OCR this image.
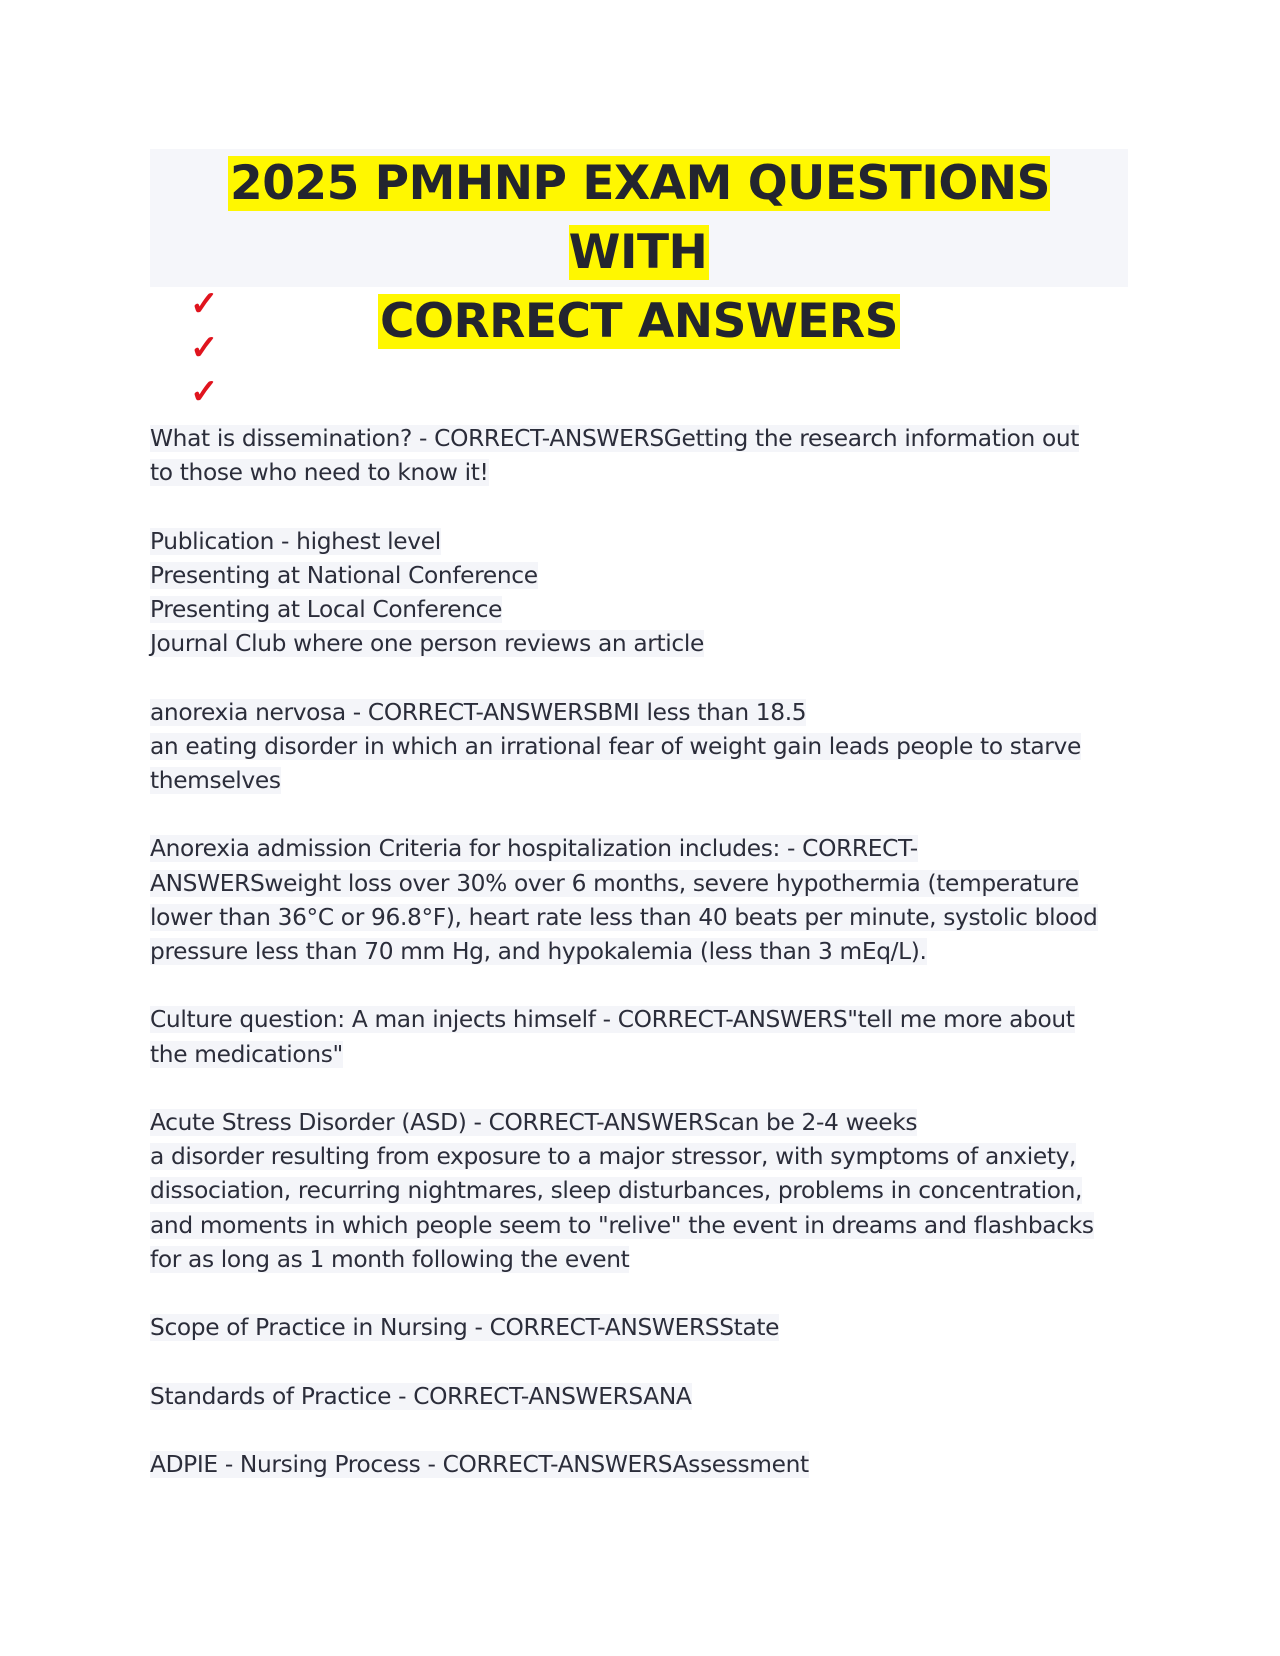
2025 PMHNP EXAM QUESTIONS WITH
CORRECT ANSWERS
✓
✓
✓
What is dissemination? - CORRECT-ANSWERSGetting the research information out
to those who need to know it!
Publication - highest level
Presenting at National Conference
Presenting at Local Conference
Journal Club where one person reviews an article
anorexia nervosa - CORRECT-ANSWERSBMI less than 18.5
an eating disorder in which an irrational fear of weight gain leads people to starve
themselves
Anorexia admission Criteria for hospitalization includes: - CORRECT-
ANSWERSweight loss over 30% over 6 months, severe hypothermia (temperature
lower than 36°C or 96.8°F), heart rate less than 40 beats per minute, systolic blood
pressure less than 70 mm Hg, and hypokalemia (less than 3 mEq/L).
Culture question: A man injects himself - CORRECT-ANSWERS"tell me more about
the medications"
Acute Stress Disorder (ASD) - CORRECT-ANSWERScan be 2-4 weeks
a disorder resulting from exposure to a major stressor, with symptoms of anxiety,
dissociation, recurring nightmares, sleep disturbances, problems in concentration,
and moments in which people seem to "relive" the event in dreams and flashbacks
for as long as 1 month following the event
Scope of Practice in Nursing - CORRECT-ANSWERSState
Standards of Practice - CORRECT-ANSWERSANA
ADPIE - Nursing Process - CORRECT-ANSWERSAssessment
